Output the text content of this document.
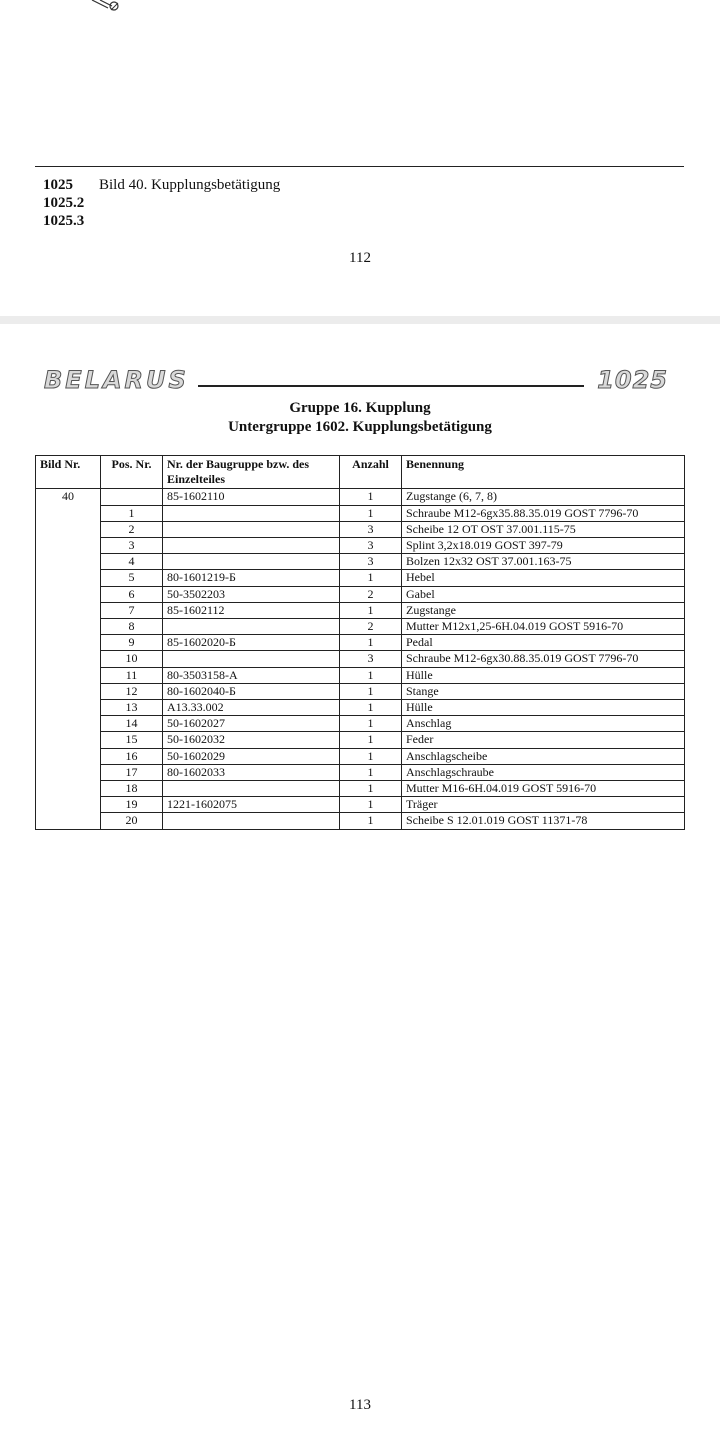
1025
1025.2
1025.3
Bild 40. Kupplungsbetätigung
112
BELARUS	1025
Gruppe 16. Kupplung
Untergruppe 1602. Kupplungsbetätigung
Bild Nr.	Pos. Nr.	Nr. der Baugruppe bzw. des Einzelteiles	Anzahl	Benennung
40		85-1602110	1	Zugstange (6, 7, 8)
	1		1	Schraube M12-6gx35.88.35.019 GOST 7796-70
	2		3	Scheibe 12 OT OST 37.001.115-75
	3		3	Splint 3,2x18.019 GOST 397-79
	4		3	Bolzen 12x32 OST 37.001.163-75
	5	80-1601219-Б	1	Hebel
	6	50-3502203	2	Gabel
	7	85-1602112	1	Zugstange
	8		2	Mutter M12x1,25-6H.04.019 GOST 5916-70
	9	85-1602020-Б	1	Pedal
	10		3	Schraube M12-6gx30.88.35.019 GOST 7796-70
	11	80-3503158-A	1	Hülle
	12	80-1602040-Б	1	Stange
	13	A13.33.002	1	Hülle
	14	50-1602027	1	Anschlag
	15	50-1602032	1	Feder
	16	50-1602029	1	Anschlagscheibe
	17	80-1602033	1	Anschlagschraube
	18		1	Mutter M16-6H.04.019 GOST 5916-70
	19	1221-1602075	1	Träger
	20		1	Scheibe S 12.01.019 GOST 11371-78
113
